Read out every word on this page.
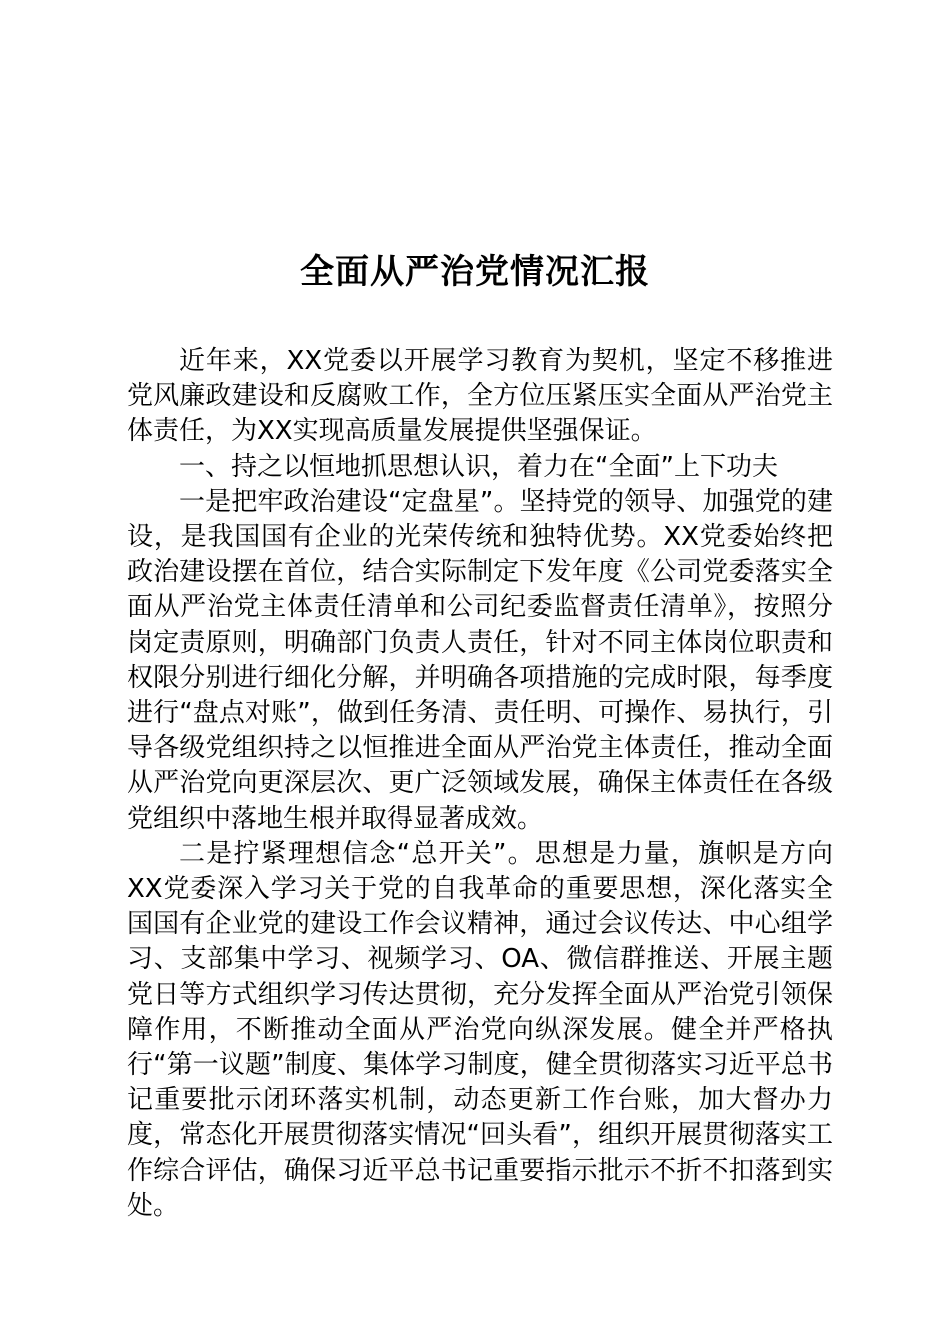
全面从严治党情况汇报

近年来，XX党委以开展学习教育为契机，坚定不移推进党风廉政建设和反腐败工作，全方位压紧压实全面从严治党主体责任，为XX实现高质量发展提供坚强保证。

一、持之以恒地抓思想认识，着力在“全面”上下功夫

一是把牢政治建设“定盘星”。坚持党的领导、加强党的建设，是我国国有企业的光荣传统和独特优势。XX党委始终把政治建设摆在首位，结合实际制定下发年度《公司党委落实全面从严治党主体责任清单和公司纪委监督责任清单》，按照分岗定责原则，明确部门负责人责任，针对不同主体岗位职责和权限分别进行细化分解，并明确各项措施的完成时限，每季度进行“盘点对账”，做到任务清、责任明、可操作、易执行，引导各级党组织持之以恒推进全面从严治党主体责任，推动全面从严治党向更深层次、更广泛领域发展，确保主体责任在各级党组织中落地生根并取得显著成效。

二是拧紧理想信念“总开关”。思想是力量，旗帜是方向XX党委深入学习关于党的自我革命的重要思想，深化落实全国国有企业党的建设工作会议精神，通过会议传达、中心组学习、支部集中学习、视频学习、OA、微信群推送、开展主题党日等方式组织学习传达贯彻，充分发挥全面从严治党引领保障作用，不断推动全面从严治党向纵深发展。健全并严格执行“第一议题”制度、集体学习制度，健全贯彻落实习近平总书记重要批示闭环落实机制，动态更新工作台账，加大督办力度，常态化开展贯彻落实情况“回头看”，组织开展贯彻落实工作综合评估，确保习近平总书记重要指示批示不折不扣落到实处。
